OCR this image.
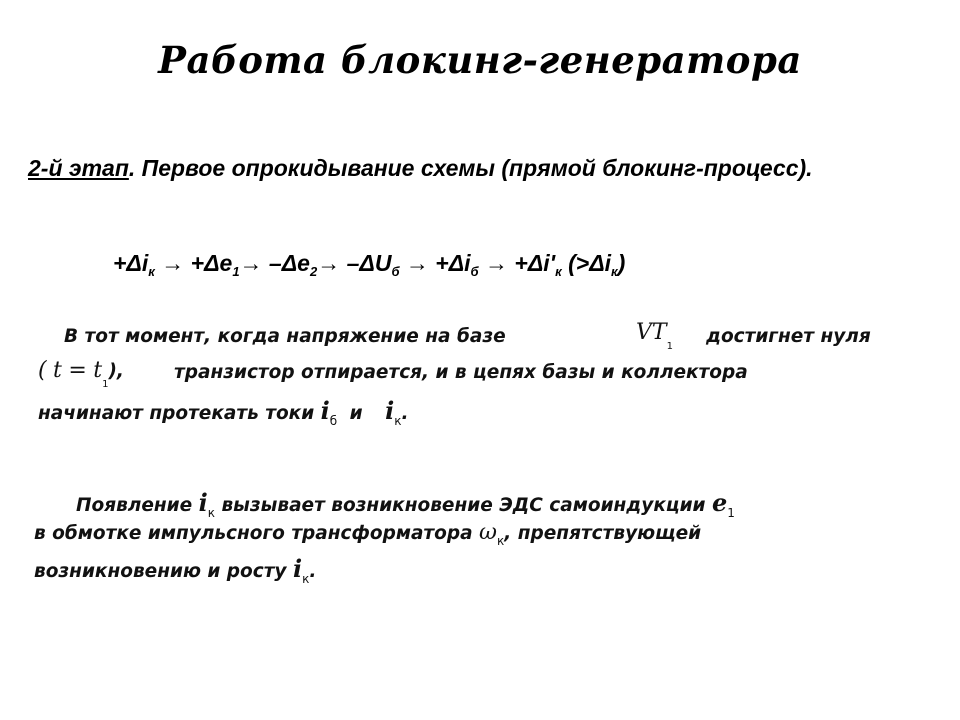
Работа блокинг-генератора
2-й этап. Первое опрокидывание схемы (прямой блокинг-процесс).
$+\Delta i_к \to +\Delta e_1\to -\Delta e_2\to -\Delta U_б \to +\Delta i_б \to +\Delta i'_к$ $(>\Delta i_к)$
В тот момент, когда напряжение на базе	$VT_1$ достигнет нуля
( $t = t_1$),	транзистор отпирается, и в цепях базы и коллектора
начинают протекать токи $i_б$ и $i_к$.
Появление $i_к$ вызывает возникновение ЭДС самоиндукции $e_1$
в обмотке импульсного трансформатора $\omega_к$, препятствующей
возникновению и росту $i_к$.
